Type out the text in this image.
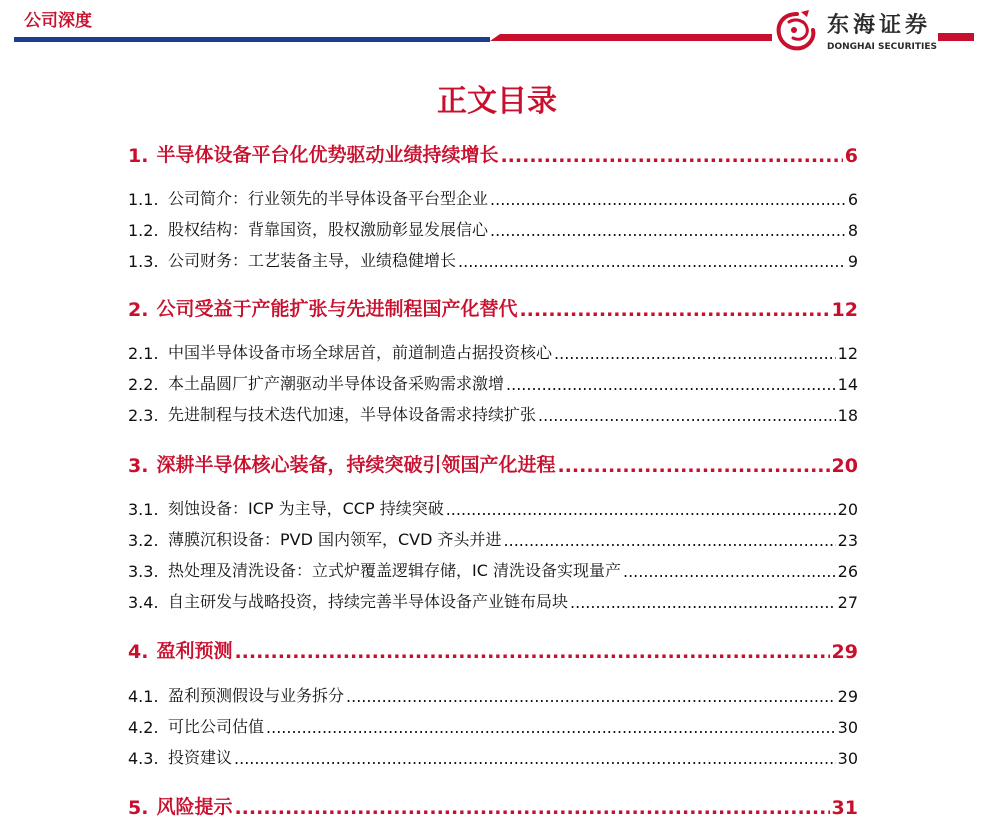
公司深度	东海证券
DONGHAI SECURITIES
正文目录
1. 半导体设备平台化优势驱动业绩持续增长 .....	6
1.1. 公司简介：行业领先的半导体设备平台型企业 .....	6
1.2. 股权结构：背靠国资，股权激励彰显发展信心 .....	8
1.3. 公司财务：工艺装备主导，业绩稳健增长 .....	9
2. 公司受益于产能扩张与先进制程国产化替代 .....	12
2.1. 中国半导体设备市场全球居首，前道制造占据投资核心 .....	12
2.2. 本土晶圆厂扩产潮驱动半导体设备采购需求激增 .....	14
2.3. 先进制程与技术迭代加速，半导体设备需求持续扩张 .....	18
3. 深耕半导体核心装备，持续突破引领国产化进程 .....	20
3.1. 刻蚀设备：ICP 为主导，CCP 持续突破 .....	20
3.2. 薄膜沉积设备：PVD 国内领军，CVD 齐头并进 .....	23
3.3. 热处理及清洗设备：立式炉覆盖逻辑存储，IC 清洗设备实现量产 .....	26
3.4. 自主研发与战略投资，持续完善半导体设备产业链布局块 .....	27
4. 盈利预测 .....	29
4.1. 盈利预测假设与业务拆分 .....	29
4.2. 可比公司估值 .....	30
4.3. 投资建议 .....	30
5. 风险提示 .....	31
